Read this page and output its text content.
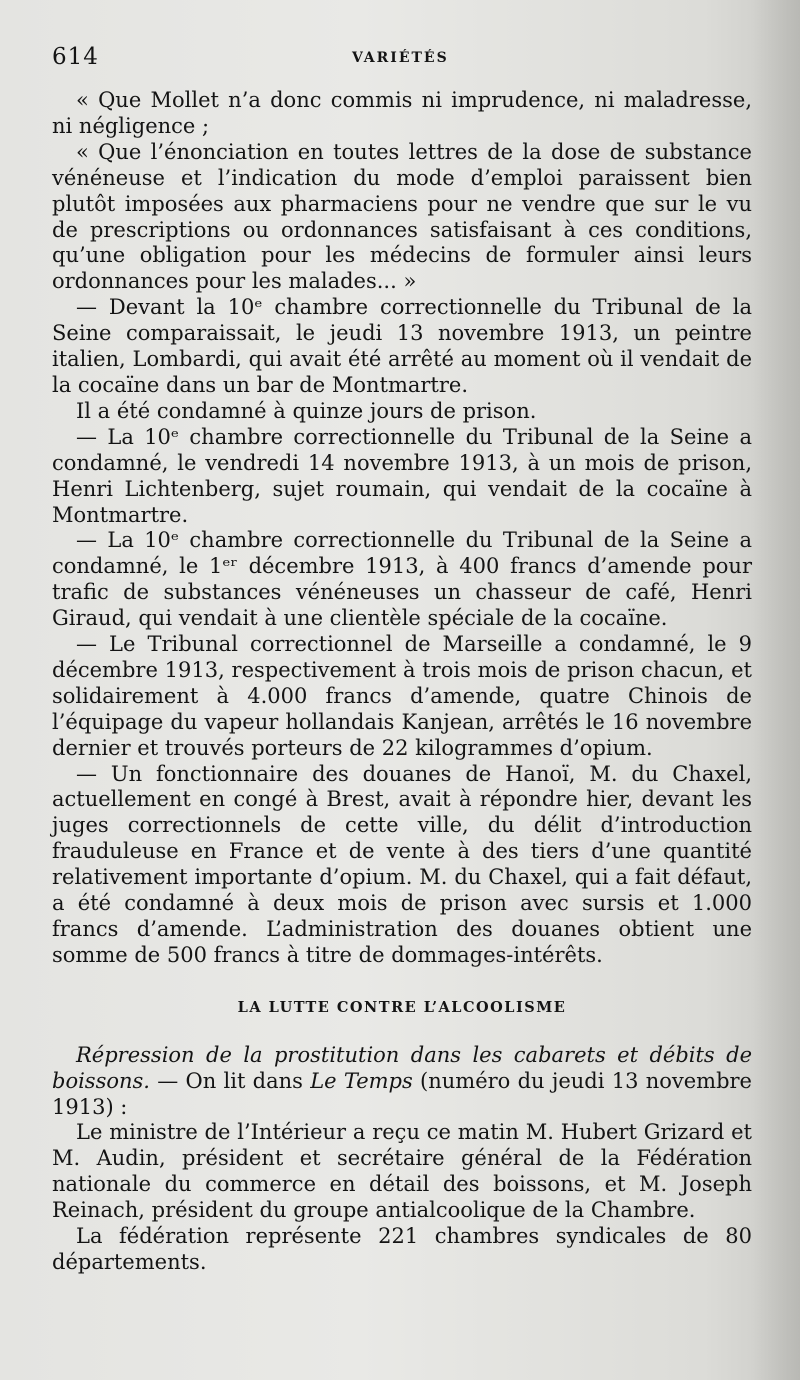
614	VARIÉTÉS

« Que Mollet n’a donc commis ni imprudence, ni maladresse, ni négligence ;

« Que l’énonciation en toutes lettres de la dose de substance vénéneuse et l’indication du mode d’emploi paraissent bien plutôt imposées aux pharmaciens pour ne vendre que sur le vu de prescriptions ou ordonnances satisfaisant à ces conditions, qu’une obligation pour les médecins de formuler ainsi leurs ordonnances pour les malades... »

— Devant la 10ᵉ chambre correctionnelle du Tribunal de la Seine comparaissait, le jeudi 13 novembre 1913, un peintre italien, Lombardi, qui avait été arrêté au moment où il vendait de la cocaïne dans un bar de Montmartre.

Il a été condamné à quinze jours de prison.

— La 10ᵉ chambre correctionnelle du Tribunal de la Seine a condamné, le vendredi 14 novembre 1913, à un mois de prison, Henri Lichtenberg, sujet roumain, qui vendait de la cocaïne à Montmartre.

— La 10ᵉ chambre correctionnelle du Tribunal de la Seine a condamné, le 1ᵉʳ décembre 1913, à 400 francs d’amende pour trafic de substances vénéneuses un chasseur de café, Henri Giraud, qui vendait à une clientèle spéciale de la cocaïne.

— Le Tribunal correctionnel de Marseille a condamné, le 9 décembre 1913, respectivement à trois mois de prison chacun, et solidairement à 4.000 francs d’amende, quatre Chinois de l’équipage du vapeur hollandais Kanjean, arrêtés le 16 novembre dernier et trouvés porteurs de 22 kilogrammes d’opium.

— Un fonctionnaire des douanes de Hanoï, M. du Chaxel, actuellement en congé à Brest, avait à répondre hier, devant les juges correctionnels de cette ville, du délit d’introduction frauduleuse en France et de vente à des tiers d’une quantité relativement importante d’opium. M. du Chaxel, qui a fait défaut, a été condamné à deux mois de prison avec sursis et 1.000 francs d’amende. L’administration des douanes obtient une somme de 500 francs à titre de dommages-intérêts.

LA LUTTE CONTRE L’ALCOOLISME

Répression de la prostitution dans les cabarets et débits de boissons. — On lit dans Le Temps (numéro du jeudi 13 novembre 1913) :

Le ministre de l’Intérieur a reçu ce matin M. Hubert Grizard et M. Audin, président et secrétaire général de la Fédération nationale du commerce en détail des boissons, et M. Joseph Reinach, président du groupe antialcoolique de la Chambre.

La fédération représente 221 chambres syndicales de 80 départements.
